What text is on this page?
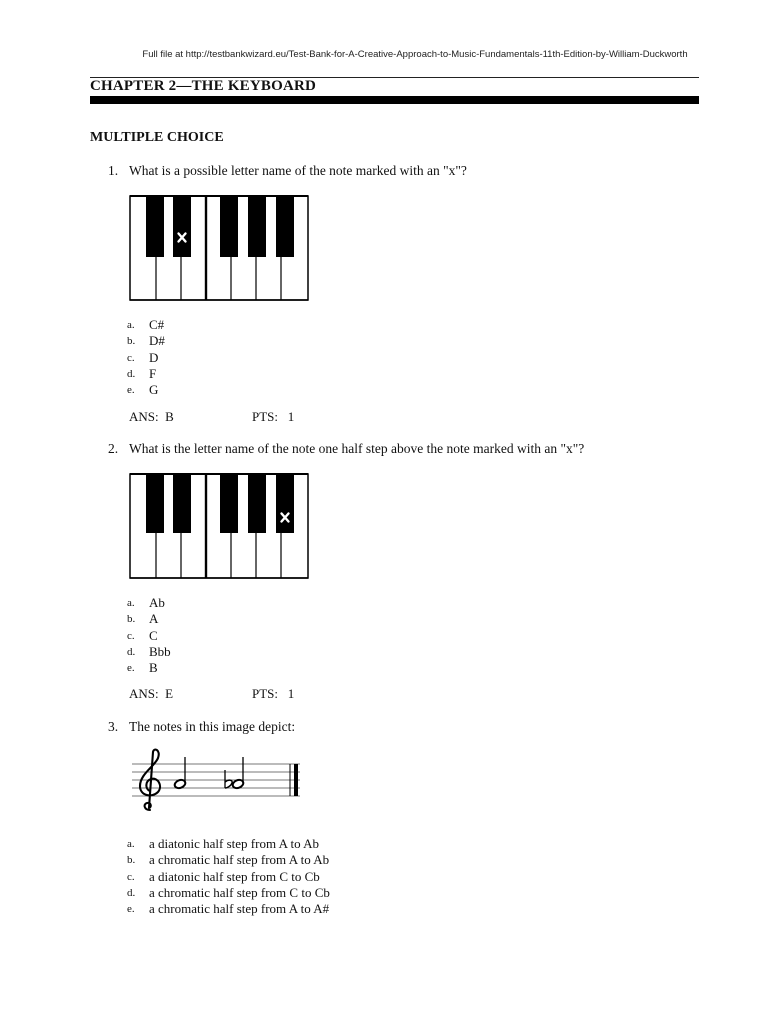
Full file at http://testbankwizard.eu/Test-Bank-for-A-Creative-Approach-to-Music-Fundamentals-11th-Edition-by-William-Duckworth
CHAPTER 2—THE KEYBOARD
MULTIPLE CHOICE
1. What is a possible letter name of the note marked with an "x"?
a.	C#
b.	D#
c.	D
d.	F
e.	G
ANS: B	PTS: 1
2. What is the letter name of the note one half step above the note marked with an "x"?
a.	Ab
b.	A
c.	C
d.	Bbb
e.	B
ANS: E	PTS: 1
3. The notes in this image depict:
a.	a diatonic half step from A to Ab
b.	a chromatic half step from A to Ab
c.	a diatonic half step from C to Cb
d.	a chromatic half step from C to Cb
e.	a chromatic half step from A to A#
